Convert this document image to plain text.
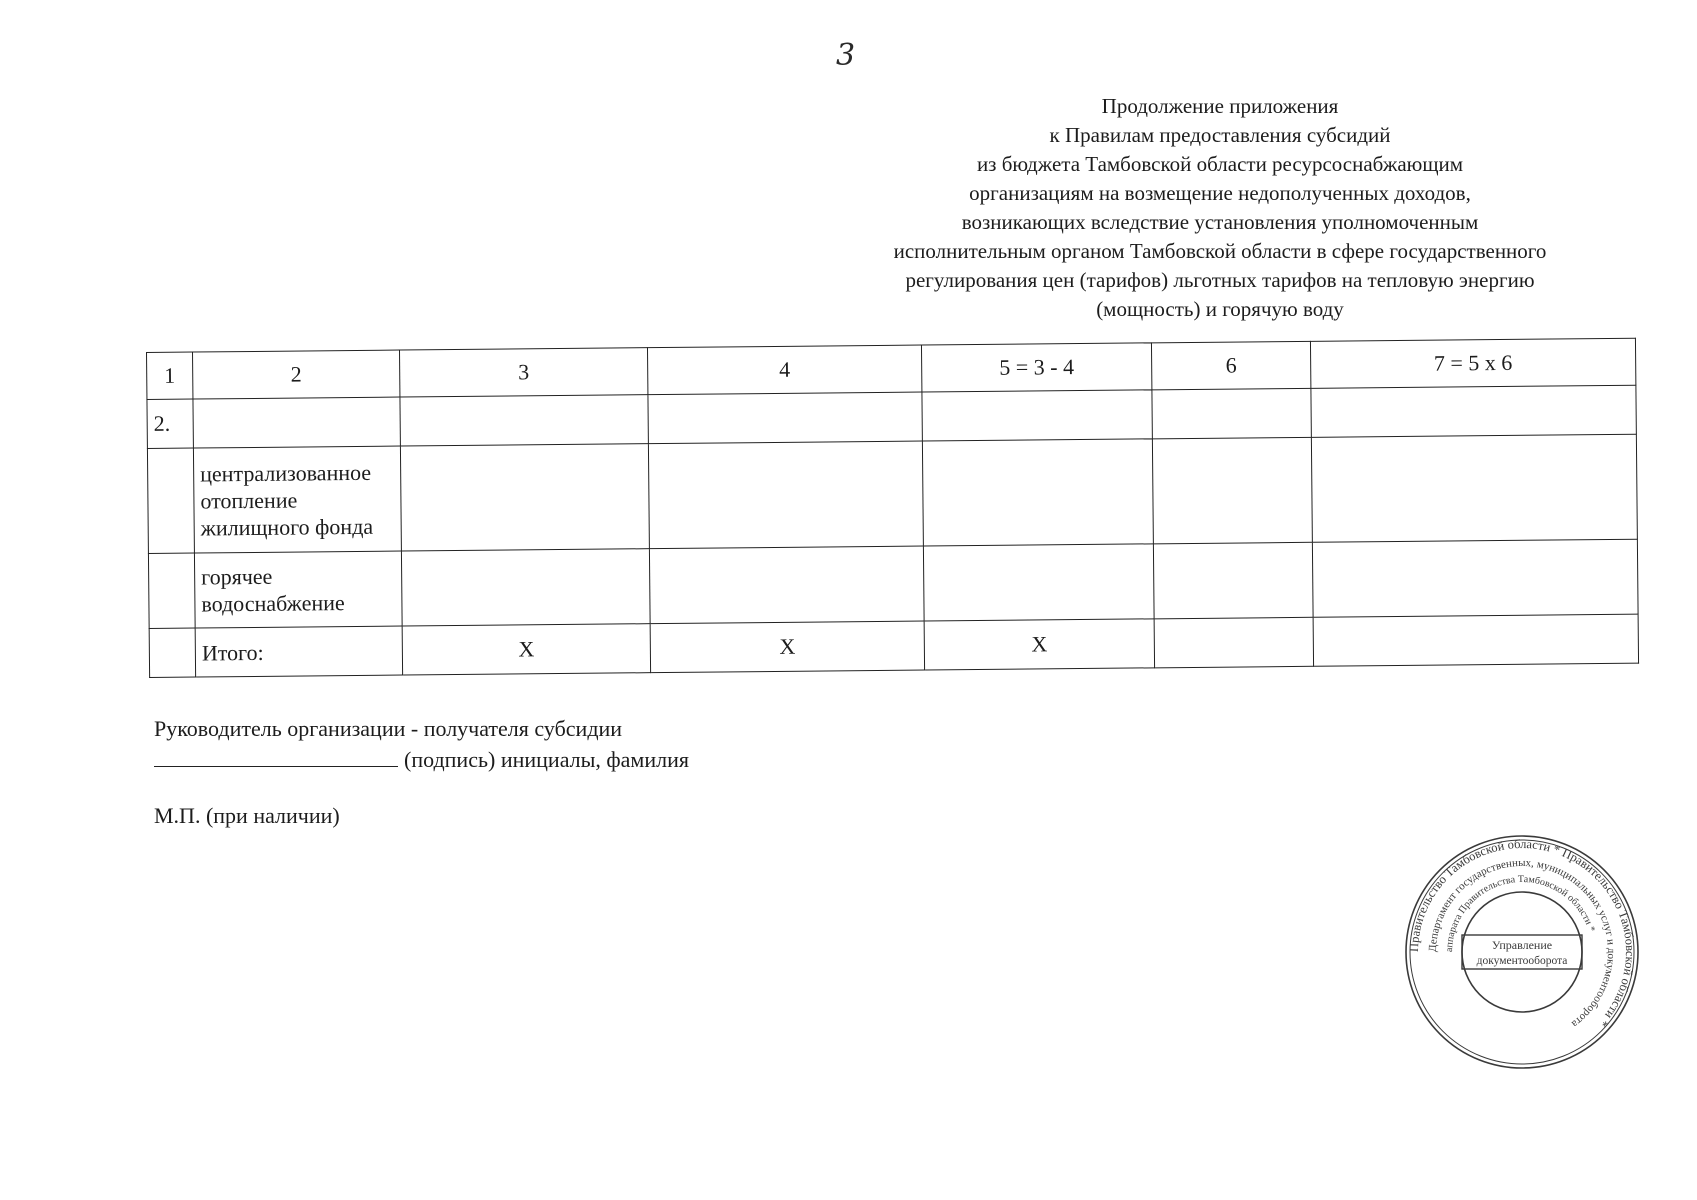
3
Продолжение приложения
к Правилам предоставления субсидий
из бюджета Тамбовской области ресурсоснабжающим
организациям на возмещение недополученных доходов,
возникающих вследствие установления уполномоченным
исполнительным органом Тамбовской области в сфере государственного
регулирования цен (тарифов) льготных тарифов на тепловую энергию
(мощность) и горячую воду
1	2	3	4	5 = 3 - 4	6	7 = 5 х 6
2.						
	централизованное отопление жилищного фонда					
	горячее водоснабжение					
	Итого:	Х	Х	Х		
Руководитель организации - получателя субсидии
(подпись) инициалы, фамилия
М.П. (при наличии)
Правительство Тамбовской области * Правительство Тамбовской области *
Департамент государственных, муниципальных услуг и документооборота
аппарата Правительства Тамбовской области *
Управление
документооборота
